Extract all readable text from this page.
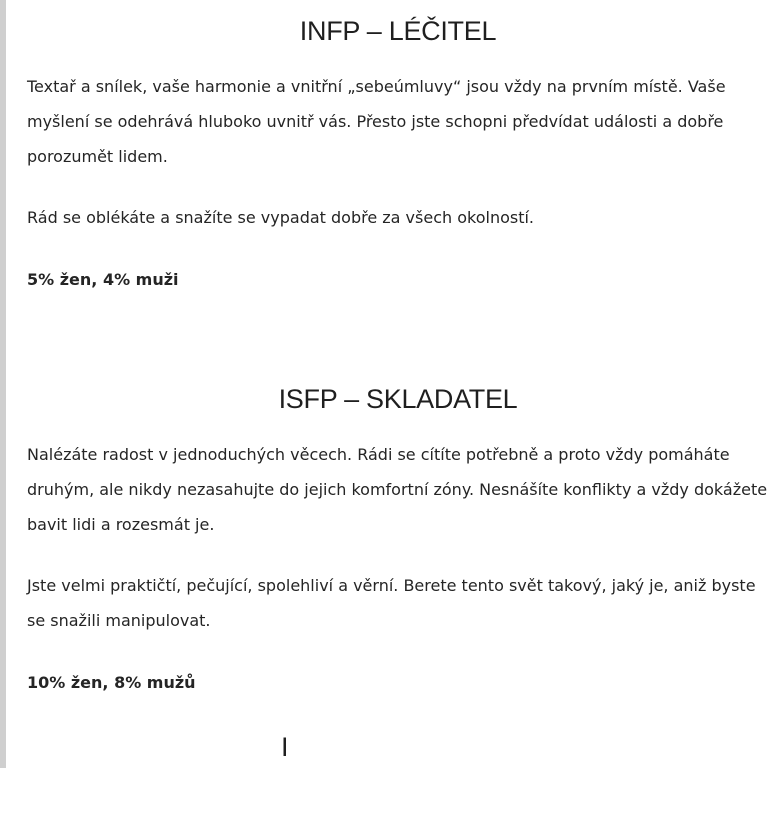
INFP – LÉČITEL

Textař a snílek, vaše harmonie a vnitřní „sebeúmluvy“ jsou vždy na prvním místě. Vaše myšlení se odehrává hluboko uvnitř vás. Přesto jste schopni předvídat události a dobře porozumět lidem.

Rád se oblékáte a snažíte se vypadat dobře za všech okolností.

5% žen, 4% muži

ISFP – SKLADATEL

Nalézáte radost v jednoduchých věcech. Rádi se cítíte potřebně a proto vždy pomáháte druhým, ale nikdy nezasahujte do jejich komfortní zóny. Nesnášíte konflikty a vždy dokážete bavit lidi a rozesmát je.

Jste velmi praktičtí, pečující, spolehliví a věrní. Berete tento svět takový, jaký je, aniž byste se snažili manipulovat.

10% žen, 8% mužů

I
